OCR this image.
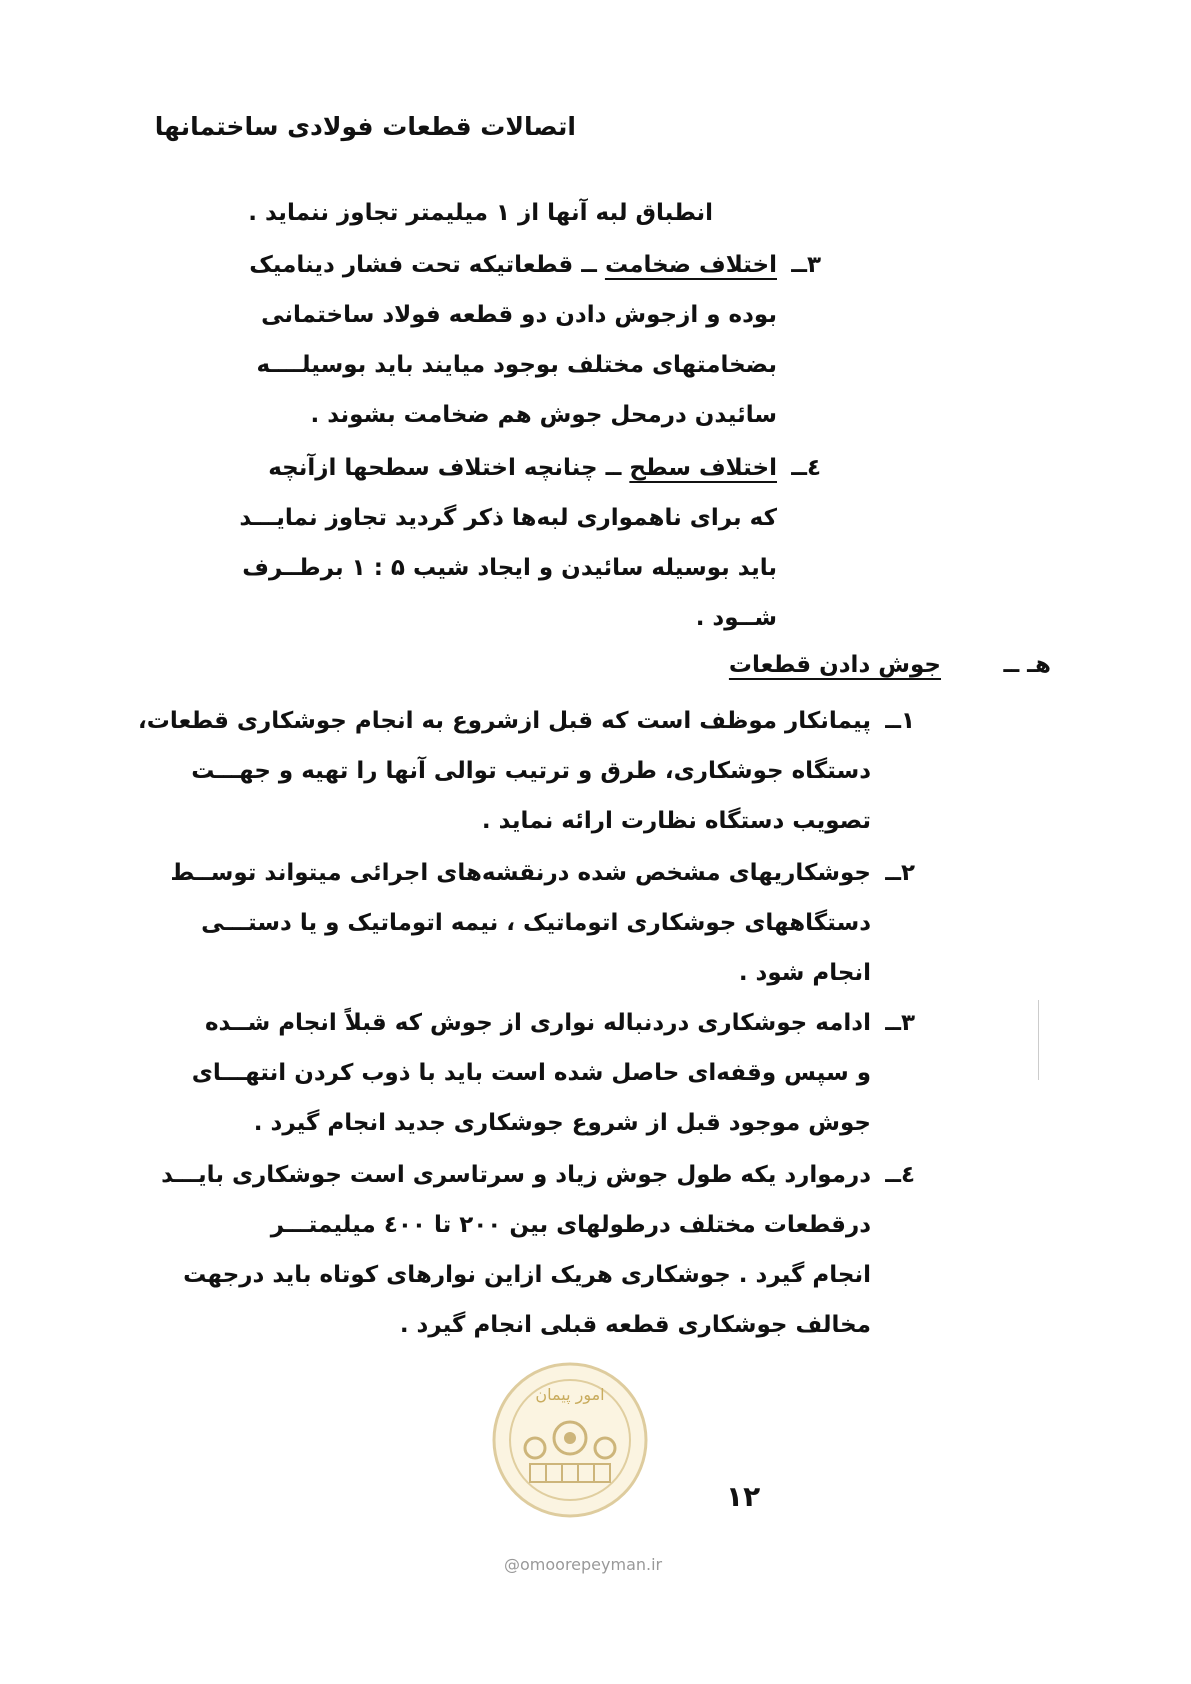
اتصالات قطعات فولادی ساختمانها
انطباق لبه آنها از ۱ میلیمتر تجاوز ننماید .
۳ــ
اختلاف ضخامت ــ قطعاتیکه تحت فشار دینامیک
بوده و ازجوش دادن دو قطعه فولاد ساختمانی
بضخامتهای مختلف بوجود میایند باید بوسیلــــه
سائیدن درمحل جوش هم ضخامت بشوند .
٤ــ
اختلاف سطح ــ چنانچه اختلاف سطحها ازآنچه
که برای ناهمواری لبه‌ها ذکر گردید تجاوز نمایـــد
باید بوسیله سائیدن و ایجاد شیب ۵ : ۱ برطــرف
شــود .
هـ ــ
جوش دادن قطعات
۱ــ
پیمانکار موظف است که قبل ازشروع به انجام جوشکاری قطعات،
دستگاه جوشکاری، طرق و ترتیب توالی آنها را تهیه و جهـــت
تصویب دستگاه نظارت ارائه نماید .
۲ــ
جوشکاریهای مشخص شده درنقشه‌های اجرائی میتواند توســط
دستگاههای جوشکاری اتوماتیک ، نیمه اتوماتیک و یا دستـــی
انجام شود .
۳ــ
ادامه جوشکاری دردنباله نواری از جوش که قبلاً انجام شــده
و سپس وقفه‌ای حاصل شده است باید با ذوب کردن انتهـــای
جوش موجود قبل از شروع جوشکاری جدید انجام گیرد .
٤ــ
درموارد یکه طول جوش زیاد و سرتاسری است جوشکاری بایـــد
درقطعات مختلف درطولهای بین ۲۰۰ تا ٤۰۰ میلیمتـــر
انجام گیرد . جوشکاری هریک ازاین نوارهای کوتاه باید درجهت
مخالف جوشکاری قطعه قبلی انجام گیرد .
امور پیمان
۱۲
@omoorepeyman.ir
